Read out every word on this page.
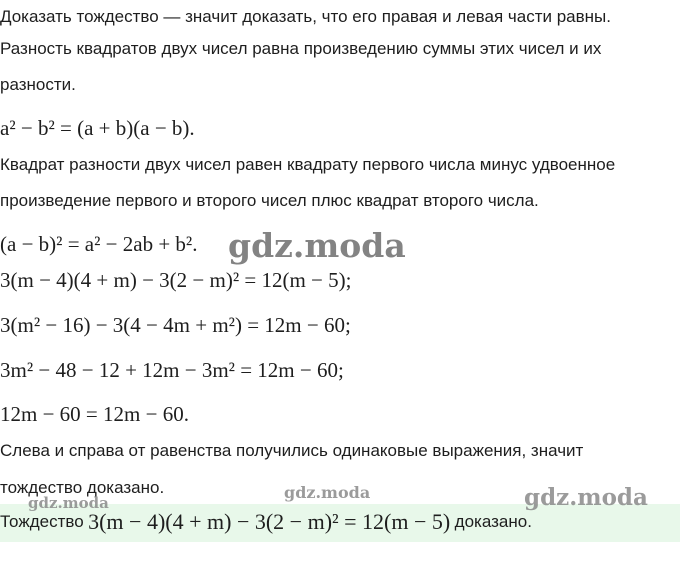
Доказать тождество — значит доказать, что его правая и левая части равны.
Разность квадратов двух чисел равна произведению суммы этих чисел и их
разности.
a² − b² = (a + b)(a − b).
Квадрат разности двух чисел равен квадрату первого числа минус удвоенное
произведение первого и второго чисел плюс квадрат второго числа.
(a − b)² = a² − 2ab + b².
3(m − 4)(4 + m) − 3(2 − m)² = 12(m − 5);
3(m² − 16) − 3(4 − 4m + m²) = 12m − 60;
3m² − 48 − 12 + 12m − 3m² = 12m − 60;
12m − 60 = 12m − 60.
Слева и справа от равенства получились одинаковые выражения, значит
тождество доказано.
Тождество 3(m − 4)(4 + m) − 3(2 − m)² = 12(m − 5) доказано.
gdz.moda
gdz.moda
gdz.moda	gdz.moda
